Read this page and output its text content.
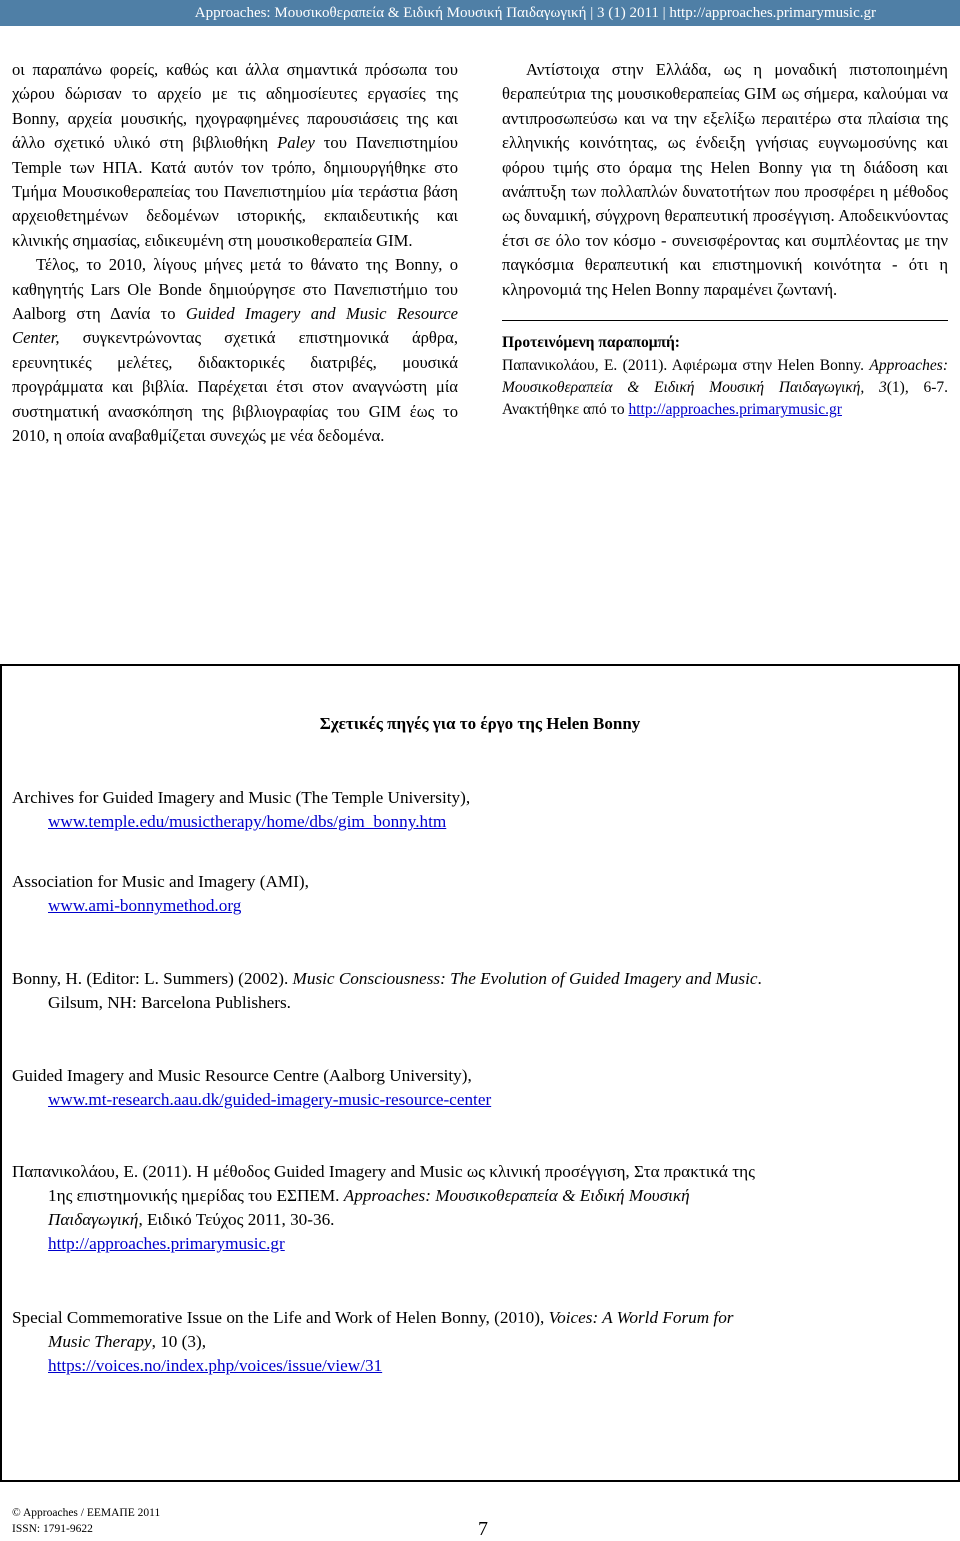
Approaches: Μουσικοθεραπεία & Ειδική Μουσική Παιδαγωγική | 3 (1) 2011 | http://approaches.primarymusic.gr

οι παραπάνω φορείς, καθώς και άλλα σημαντικά πρόσωπα του χώρου δώρισαν το αρχείο με τις αδημοσίευτες εργασίες της Bonny, αρχεία μουσικής, ηχογραφημένες παρουσιάσεις της και άλλο σχετικό υλικό στη βιβλιοθήκη Paley του Πανεπιστημίου Temple των ΗΠΑ. Κατά αυτόν τον τρόπο, δημιουργήθηκε στο Τμήμα Μουσικοθεραπείας του Πανεπιστημίου μία τεράστια βάση αρχειοθετημένων δεδομένων ιστορικής, εκπαιδευτικής και κλινικής σημασίας, ειδικευμένη στη μουσικοθεραπεία GIM.

Τέλος, το 2010, λίγους μήνες μετά το θάνατο της Bonny, ο καθηγητής Lars Ole Bonde δημιούργησε στο Πανεπιστήμιο του Aalborg στη Δανία το Guided Imagery and Music Resource Center, συγκεντρώνοντας σχετικά επιστημονικά άρθρα, ερευνητικές μελέτες, διδακτορικές διατριβές, μουσικά προγράμματα και βιβλία. Παρέχεται έτσι στον αναγνώστη μία συστηματική ανασκόπηση της βιβλιογραφίας του GIM έως το 2010, η οποία αναβαθμίζεται συνεχώς με νέα δεδομένα.

Αντίστοιχα στην Ελλάδα, ως η μοναδική πιστοποιημένη θεραπεύτρια της μουσικοθεραπείας GIM ως σήμερα, καλούμαι να αντιπροσωπεύσω και να την εξελίξω περαιτέρω στα πλαίσια της ελληνικής κοινότητας, ως ένδειξη γνήσιας ευγνωμοσύνης και φόρου τιμής στο όραμα της Helen Bonny για τη διάδοση και ανάπτυξη των πολλαπλών δυνατοτήτων που προσφέρει η μέθοδος ως δυναμική, σύγχρονη θεραπευτική προσέγγιση. Αποδεικνύοντας έτσι σε όλο τον κόσμο - συνεισφέροντας και συμπλέοντας με την παγκόσμια θεραπευτική και επιστημονική κοινότητα - ότι η κληρονομιά της Helen Bonny παραμένει ζωντανή.

Προτεινόμενη παραπομπή:

Παπανικολάου, Ε. (2011). Αφιέρωμα στην Helen Bonny. Approaches: Μουσικοθεραπεία & Ειδική Μουσική Παιδαγωγική, 3(1), 6-7. Ανακτήθηκε από το http://approaches.primarymusic.gr

Σχετικές πηγές για το έργο της Helen Bonny
Archives for Guided Imagery and Music (The Temple University),
www.temple.edu/musictherapy/home/dbs/gim_bonny.htm
Association for Music and Imagery (AMI),
www.ami-bonnymethod.org
Bonny, H. (Editor: L. Summers) (2002). Music Consciousness: The Evolution of Guided Imagery and Music.
Gilsum, NH: Barcelona Publishers.
Guided Imagery and Music Resource Centre (Aalborg University),
www.mt-research.aau.dk/guided-imagery-music-resource-center
Παπανικολάου, Ε. (2011). Η μέθοδος Guided Imagery and Music ως κλινική προσέγγιση, Στα πρακτικά της
1ης επιστημονικής ημερίδας του ΕΣΠΕΜ. Approaches: Μουσικοθεραπεία & Ειδική Μουσική
Παιδαγωγική, Ειδικό Τεύχος 2011, 30-36.
http://approaches.primarymusic.gr
Special Commemorative Issue on the Life and Work of Helen Bonny, (2010), Voices: A World Forum for
Music Therapy, 10 (3),
https://voices.no/index.php/voices/issue/view/31
© Approaches / ΕΕΜΑΠΕ 2011
ISSN: 1791-9622	7
